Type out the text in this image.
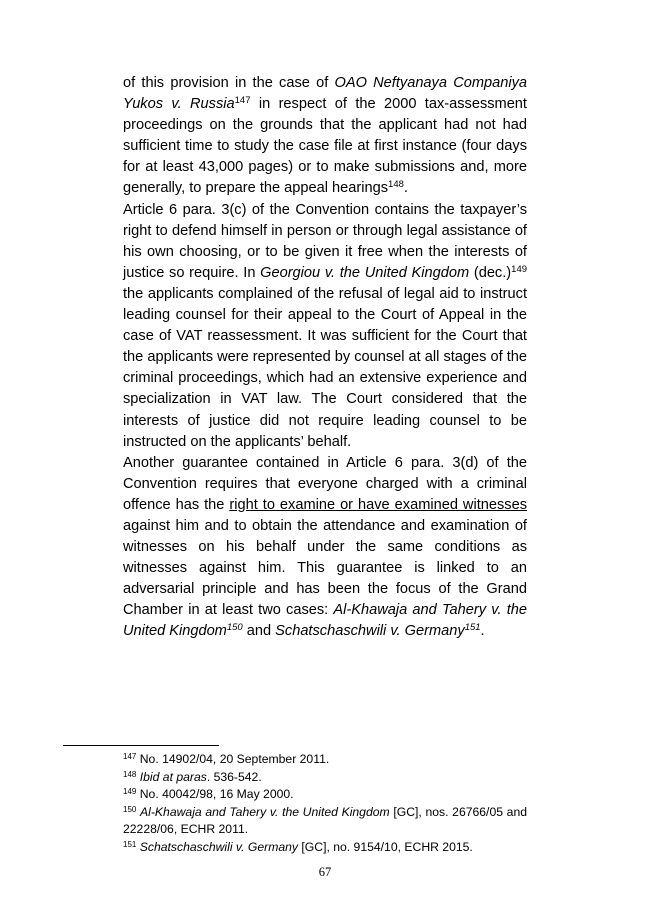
of this provision in the case of OAO Neftyanaya Companiya Yukos v. Russia$^{147}$ in respect of the 2000 tax-assessment proceedings on the grounds that the applicant had not had sufficient time to study the case file at first instance (four days for at least 43,000 pages) or to make submissions and, more generally, to prepare the appeal hearings$^{148}$.

Article 6 para. 3(c) of the Convention contains the taxpayer’s right to defend himself in person or through legal assistance of his own choosing, or to be given it free when the interests of justice so require. In Georgiou v. the United Kingdom $(dec.)^{149}$ the applicants complained of the refusal of legal aid to instruct leading counsel for their appeal to the Court of Appeal in the case of VAT reassessment. It was sufficient for the Court that the applicants were represented by counsel at all stages of the criminal proceedings, which had an extensive experience and specialization in VAT law. The Court considered that the interests of justice did not require leading counsel to be instructed on the applicants’ behalf.

Another guarantee contained in Article 6 para. 3(d) of the Convention requires that everyone charged with a criminal offence has the right to examine or have examined witnesses against him and to obtain the attendance and examination of witnesses on his behalf under the same conditions as witnesses against him. This guarantee is linked to an adversarial principle and has been the focus of the Grand Chamber in at least two cases: Al-Khawaja and Tahery v. the United Kingdom$^{150}$ and Schatschaschwili v. Germany$^{151}$.

$^{147}$ No. 14902/04, 20 September 2011.

$^{148}$ Ibid at paras. 536-542.

$^{149}$ No. 40042/98, 16 May 2000.

$^{150}$ Al-Khawaja and Tahery v. the United Kingdom [GC], nos. 26766/05 and 22228/06, ECHR 2011.

$^{151}$ Schatschaschwili v. Germany [GC], no. 9154/10, ECHR 2015.

67
